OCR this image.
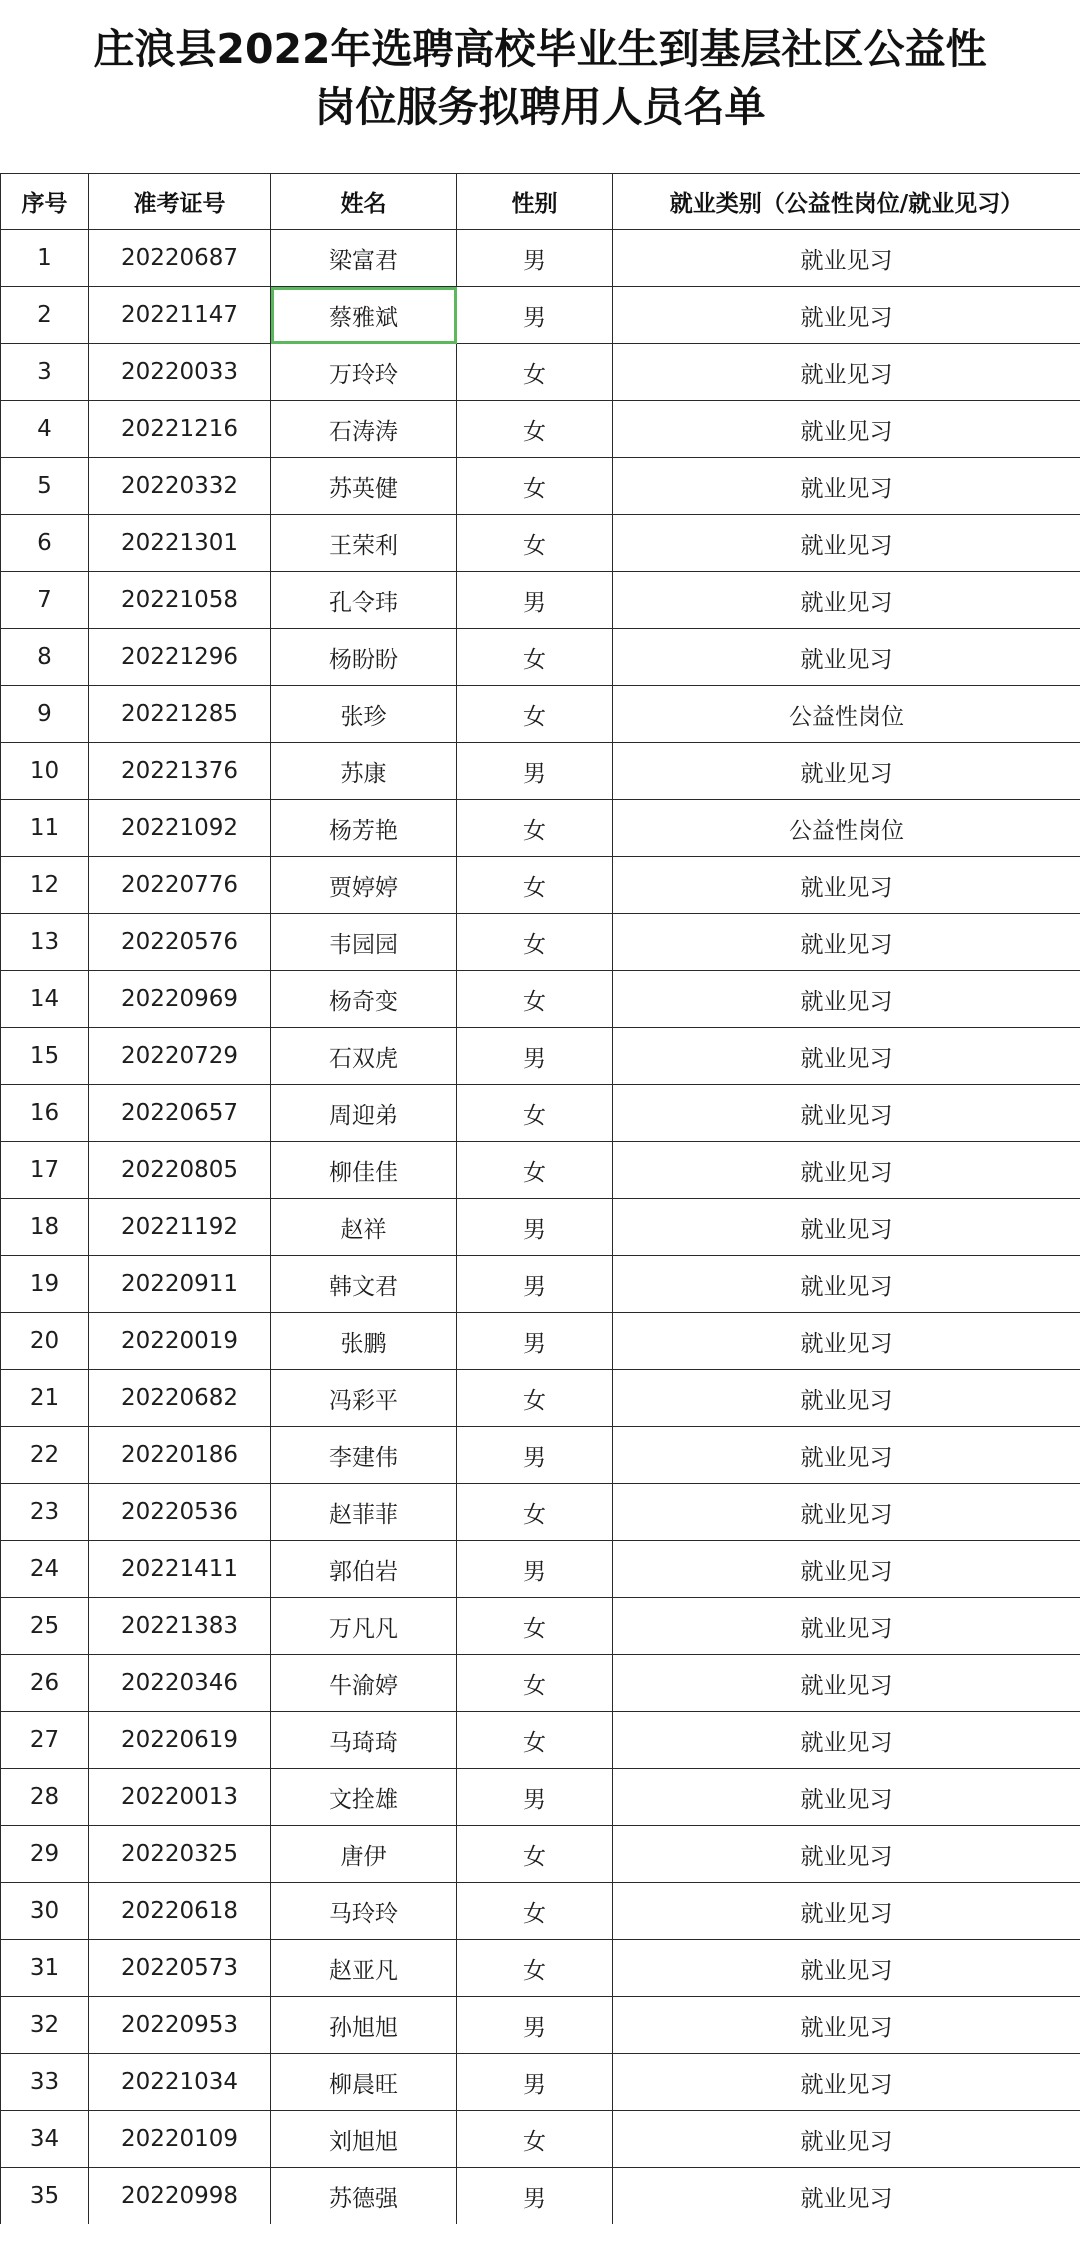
庄浪县2022年选聘高校毕业生到基层社区公益性
岗位服务拟聘用人员名单
序号	准考证号	姓名	性别	就业类别（公益性岗位/就业见习）
1	20220687	梁富君	男	就业见习
2	20221147	蔡雅斌	男	就业见习
3	20220033	万玲玲	女	就业见习
4	20221216	石涛涛	女	就业见习
5	20220332	苏英健	女	就业见习
6	20221301	王荣利	女	就业见习
7	20221058	孔令玮	男	就业见习
8	20221296	杨盼盼	女	就业见习
9	20221285	张珍	女	公益性岗位
10	20221376	苏康	男	就业见习
11	20221092	杨芳艳	女	公益性岗位
12	20220776	贾婷婷	女	就业见习
13	20220576	韦园园	女	就业见习
14	20220969	杨奇变	女	就业见习
15	20220729	石双虎	男	就业见习
16	20220657	周迎弟	女	就业见习
17	20220805	柳佳佳	女	就业见习
18	20221192	赵祥	男	就业见习
19	20220911	韩文君	男	就业见习
20	20220019	张鹏	男	就业见习
21	20220682	冯彩平	女	就业见习
22	20220186	李建伟	男	就业见习
23	20220536	赵菲菲	女	就业见习
24	20221411	郭伯岩	男	就业见习
25	20221383	万凡凡	女	就业见习
26	20220346	牛渝婷	女	就业见习
27	20220619	马琦琦	女	就业见习
28	20220013	文拴雄	男	就业见习
29	20220325	唐伊	女	就业见习
30	20220618	马玲玲	女	就业见习
31	20220573	赵亚凡	女	就业见习
32	20220953	孙旭旭	男	就业见习
33	20221034	柳晨旺	男	就业见习
34	20220109	刘旭旭	女	就业见习
35	20220998	苏德强	男	就业见习
